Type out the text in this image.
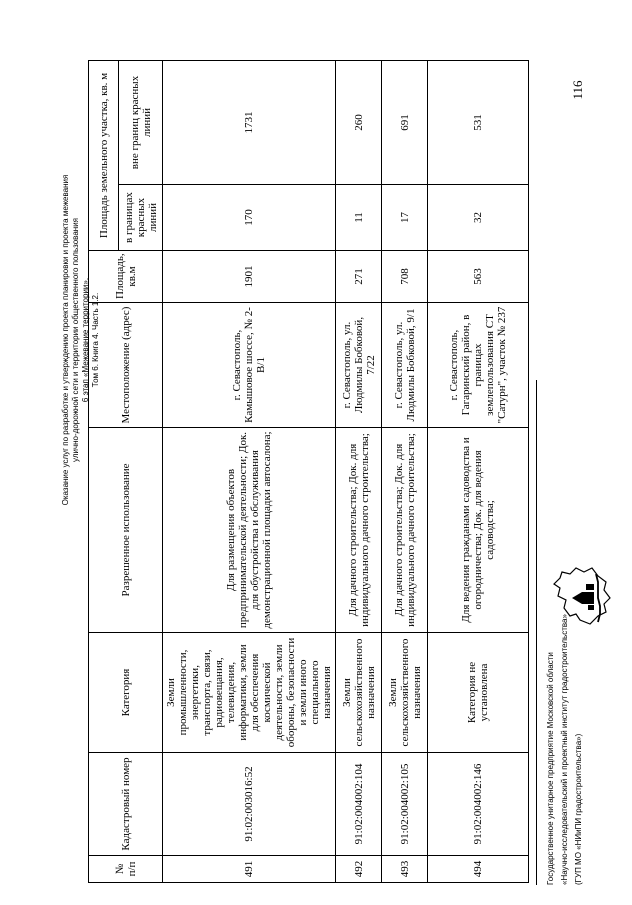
Оказание услуг по разработке и утверждению проекта планировки и проекта межевания улично-дорожной сети и территории общественного пользования 6 этап «Межевание территории». Том 6. Книга 4. Часть 1.2.
№ п/п	Кадастровый номер	Категория	Разрешенное использование	Местоположение (адрес)	Площадь, кв.м	Площадь земельного участка, кв. м	
						в границах красных линий	вне границ красных линий
491	91:02:003016:52	Земли промышленности, энергетики, транспорта, связи, радиовещания, телевидения, информатики, земли для обеспечения космической деятельности, земли обороны, безопасности и земли иного специального назначения	Для размещения объектов предпринимательской деятельности; Док. для обустройства и обслуживания демонстрационной площадки автосалона;	г. Севастополь, Камышовое шоссе, № 2-В/1	1901	170	1731
492	91:02:004002:104	Земли сельскохозяйственного назначения	Для дачного строительства; Док. для индивидуального дачного строительства;	г. Севастополь, ул. Людмилы Бобковой, 7/22	271	11	260
493	91:02:004002:105	Земли сельскохозяйственного назначения	Для дачного строительства; Док. для индивидуального дачного строительства;	г. Севастополь, ул. Людмилы Бобковой, 9/1	708	17	691
494	91:02:004002:146	Категория не установлена	Для ведения гражданами садоводства и огородничества; Док. для ведения садоводства;	г. Севастополь, Гагаринский район, в границах землепользования СТ "Сатурн", участок № 237	563	32	531
116
Государственное унитарное предприятие Московской области «Научно-исследовательский и проектный институт градостроительства» (ГУП МО «НИиПИ градостроительства»)
